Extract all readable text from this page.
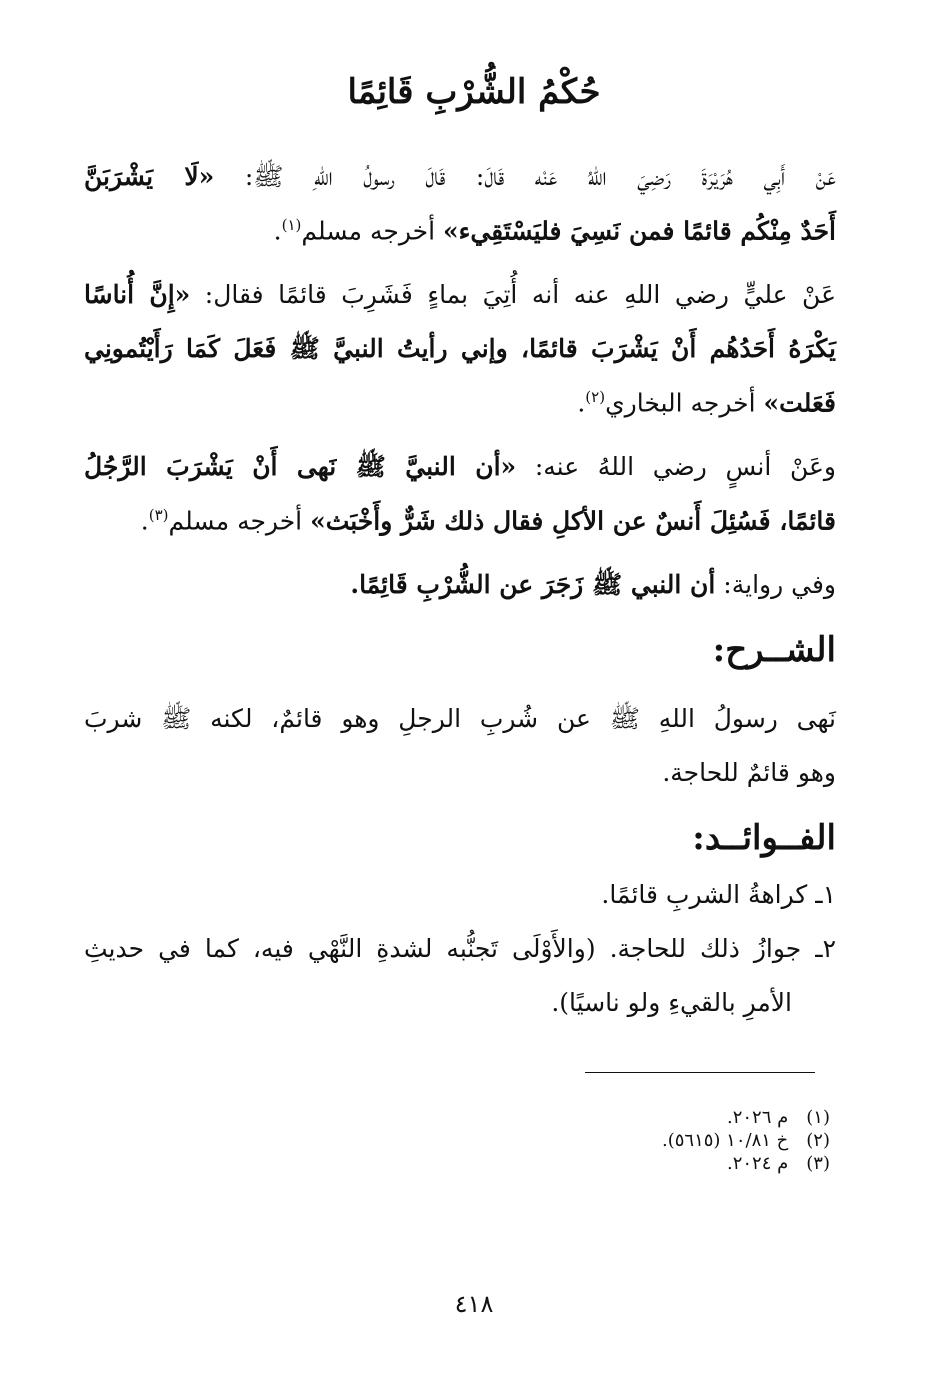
حُكْمُ الشُّرْبِ قَائِمًا
عَنْ أَبِي هُرَيْرَةَ رَضِيَ اللهُ عَنْه قَالَ: قَالَ رسولُ اللهِ ﷺ: «لَا يَشْرَبَنَّ
أَحَدٌ مِنْكُم قائمًا فمن نَسِيَ فليَسْتَقِيء» أخرجه مسلم$^{(١)}$.
عَنْ عليٍّ رضي اللهِ عنه أنه أُتِيَ بماءٍ فَشَرِبَ قائمًا فقال: «إِنَّ أُناسًا
يَكْرَهُ أَحَدُهُم أَنْ يَشْرَبَ قائمًا، وإني رأيتُ النبيَّ ﷺ فَعَلَ كَمَا رَأَيْتُمونِي
فَعَلت» أخرجه البخاري$^{(٢)}$.
وعَنْ أنسٍ رضي اللهُ عنه: «أن النبيَّ ﷺ نَهى أَنْ يَشْرَبَ الرَّجُلُ
قائمًا، فَسُئِلَ أَنسٌ عن الأكلِ فقال ذلك شَرٌّ وأَخْبَث» أخرجه مسلم$^{(٣)}$.
وفي رواية: أن النبي ﷺ زَجَرَ عن الشُّرْبِ قَائِمًا.
الشــرح:
نَهى رسولُ اللهِ ﷺ عن شُربِ الرجلِ وهو قائمٌ، لكنه ﷺ شربَ
وهو قائمٌ للحاجة.
الفــوائــد:
١ـ كراهةُ الشربِ قائمًا.
٢ـ جوازُ ذلك للحاجة. (والأَوْلَى تَجنُّبه لشدةِ النَّهْي فيه، كما في حديثِ
الأمرِ بالقيءِ ولو ناسيًا).
(١) م ٢٠٢٦.
(٢) خ ١٠/٨١ (٥٦١٥).
(٣) م ٢٠٢٤.
٤١٨
